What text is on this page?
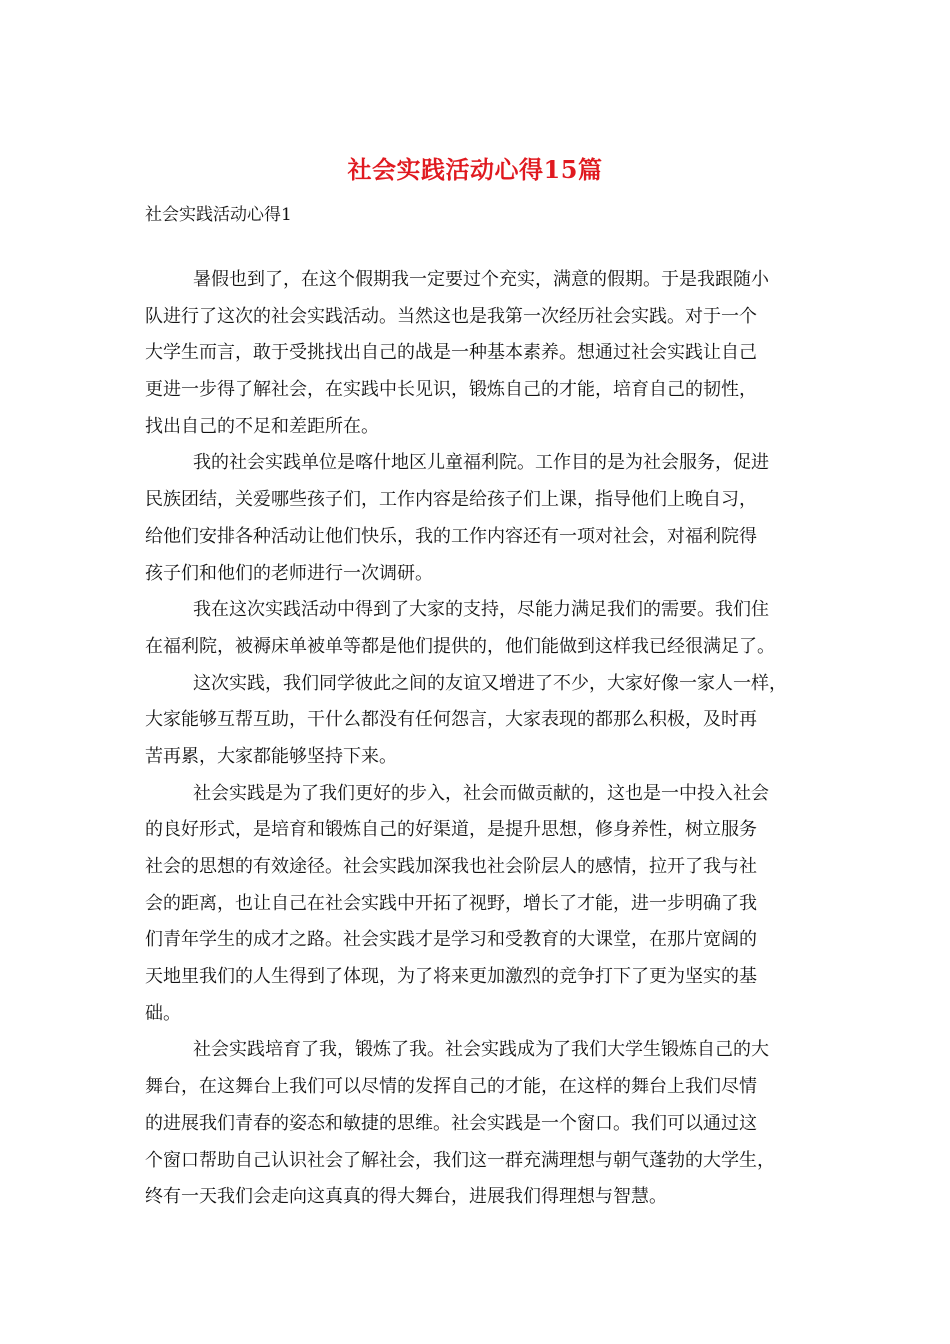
社会实践活动心得15篇
社会实践活动心得1
暑假也到了，在这个假期我一定要过个充实，满意的假期。于是我跟随小
队进行了这次的社会实践活动。当然这也是我第一次经历社会实践。对于一个
大学生而言，敢于受挑找出自己的战是一种基本素养。想通过社会实践让自己
更进一步得了解社会，在实践中长见识，锻炼自己的才能，培育自己的韧性，
找出自己的不足和差距所在。
我的社会实践单位是喀什地区儿童福利院。工作目的是为社会服务，促进
民族团结，关爱哪些孩子们，工作内容是给孩子们上课，指导他们上晚自习，
给他们安排各种活动让他们快乐，我的工作内容还有一项对社会，对福利院得
孩子们和他们的老师进行一次调研。
我在这次实践活动中得到了大家的支持，尽能力满足我们的需要。我们住
在福利院，被褥床单被单等都是他们提供的，他们能做到这样我已经很满足了。
这次实践，我们同学彼此之间的友谊又增进了不少，大家好像一家人一样，
大家能够互帮互助，干什么都没有任何怨言，大家表现的都那么积极，及时再
苦再累，大家都能够坚持下来。
社会实践是为了我们更好的步入，社会而做贡献的，这也是一中投入社会
的良好形式，是培育和锻炼自己的好渠道，是提升思想，修身养性，树立服务
社会的思想的有效途径。社会实践加深我也社会阶层人的感情，拉开了我与社
会的距离，也让自己在社会实践中开拓了视野，增长了才能，进一步明确了我
们青年学生的成才之路。社会实践才是学习和受教育的大课堂，在那片宽阔的
天地里我们的人生得到了体现，为了将来更加激烈的竞争打下了更为坚实的基
础。
社会实践培育了我，锻炼了我。社会实践成为了我们大学生锻炼自己的大
舞台，在这舞台上我们可以尽情的发挥自己的才能，在这样的舞台上我们尽情
的进展我们青春的姿态和敏捷的思维。社会实践是一个窗口。我们可以通过这
个窗口帮助自己认识社会了解社会，我们这一群充满理想与朝气蓬勃的大学生，
终有一天我们会走向这真真的得大舞台，进展我们得理想与智慧。
